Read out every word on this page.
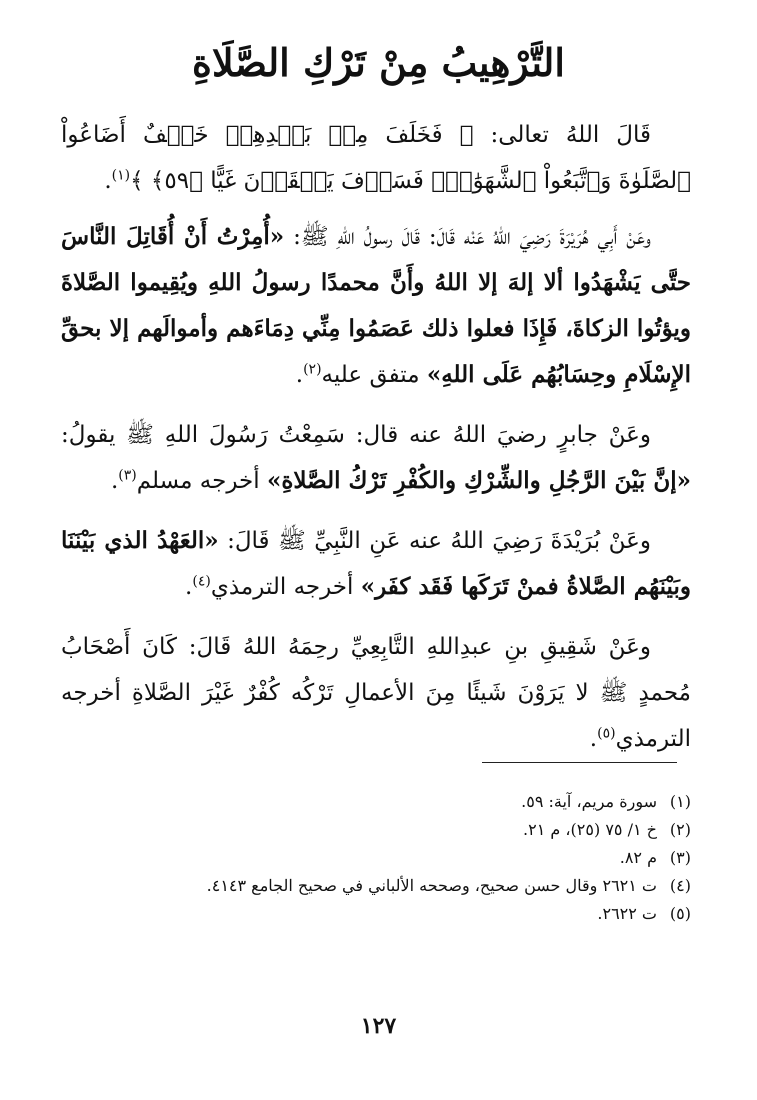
التَّرْهِيبُ مِنْ تَرْكِ الصَّلَاةِ

قَالَ اللهُ تعالى: ﴿ فَخَلَفَ مِنۢ بَعۡدِهِمۡ خَلۡفٌ أَضَاعُواْ ٱلصَّلَوٰةَ وَٱتَّبَعُواْ ٱلشَّهَوَٰتِۖ فَسَوۡفَ يَلۡقَوۡنَ غَيًّا ﴿٥٩﴾ ﴾$^{(١)}$.

وعَنْ أَبِي هُرَيْرَةَ رَضِيَ اللهُ عَنْه قَالَ: قَالَ رسولُ اللهِ ﷺ: «أُمِرْتُ أَنْ أُقَاتِلَ النَّاسَ حتَّى يَشْهَدُوا ألا إلهَ إلا اللهُ وأَنَّ محمدًا رسولُ اللهِ ويُقِيموا الصَّلاةَ ويؤتُوا الزكاةَ، فَإِذَا فعلوا ذلك عَصَمُوا مِنِّي دِمَاءَهم وأموالَهم إلا بحقِّ الإِسْلَامِ وحِسَابُهُم عَلَى اللهِ» متفق عليه$^{(٢)}$.

وعَنْ جابرٍ رضيَ اللهُ عنه قال: سَمِعْتُ رَسُولَ اللهِ ﷺ يقولُ: «إنَّ بَيْنَ الرَّجُلِ والشِّرْكِ والكُفْرِ تَرْكُ الصَّلاةِ» أخرجه مسلم$^{(٣)}$.

وعَنْ بُرَيْدَةَ رَضِيَ اللهُ عنه عَنِ النَّبِيِّ ﷺ قَالَ: «العَهْدُ الذي بَيْنَنَا وبَيْنَهُم الصَّلاةُ فمنْ تَرَكَها فَقَد كفَر» أخرجه الترمذي$^{(٤)}$.

وعَنْ شَقِيقِ بنِ عبدِاللهِ التَّابِعِيِّ رحِمَهُ اللهُ قَالَ: كَانَ أَصْحَابُ مُحمدٍ ﷺ لا يَرَوْنَ شَيئًا مِنَ الأعمالِ تَرْكُه كُفْرٌ غَيْرَ الصَّلاةِ أخرجه الترمذي$^{(٥)}$.

(١)
سورة مريم، آية: ٥٩.
(٢)
خ ١/ ٧٥ (٢٥)، م ٢١.
(٣)
م ٨٢.
(٤)
ت ٢٦٢١ وقال حسن صحيح، وصححه الألباني في صحيح الجامع ٤١٤٣.
(٥)
ت ٢٦٢٢.
١٢٧
